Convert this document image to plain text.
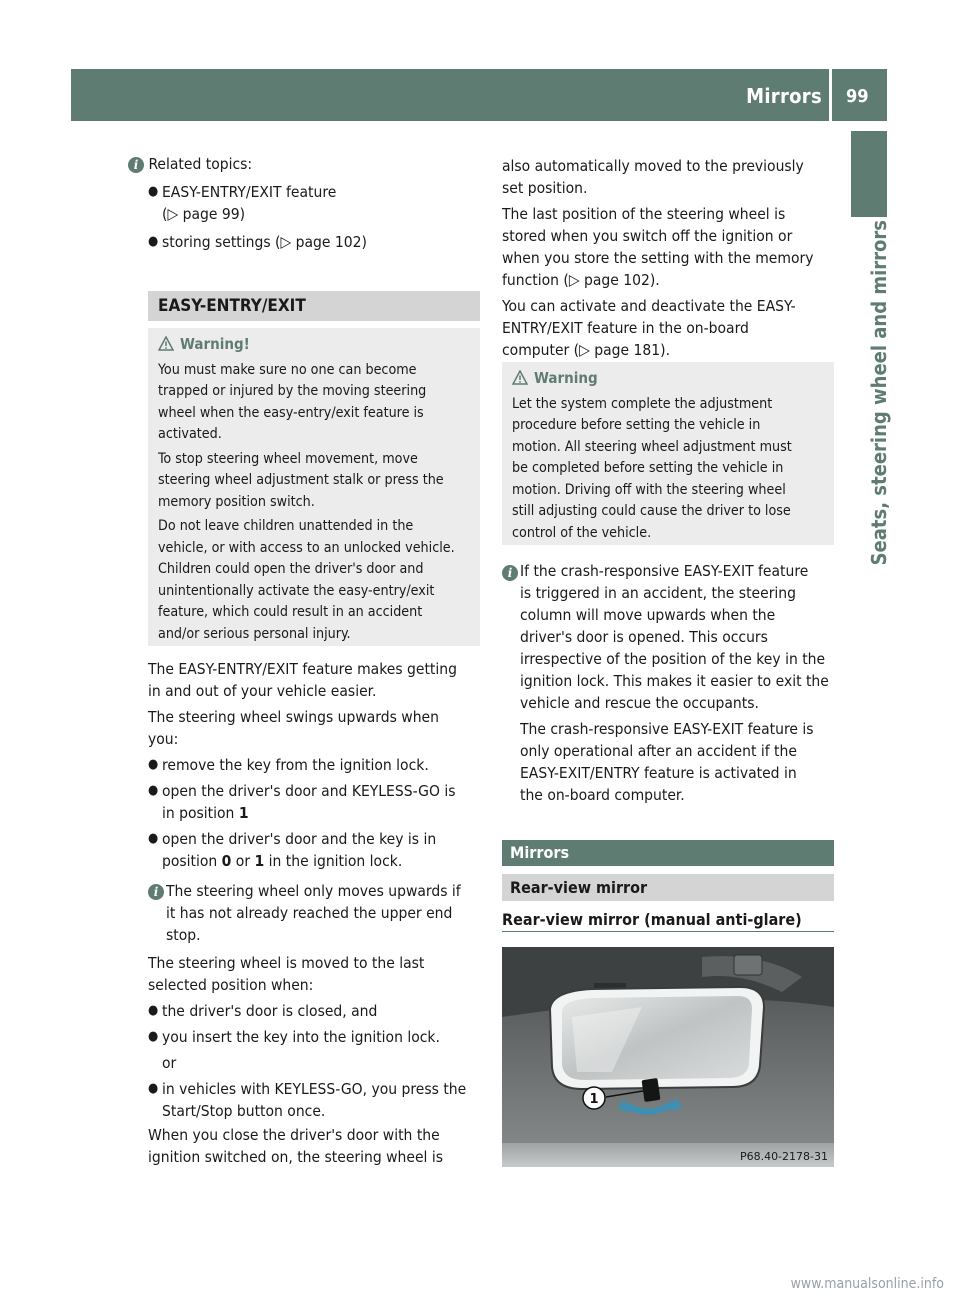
Mirrors 99
Seats, steering wheel and mirrors

i Related topics:

● EASY-ENTRY/EXIT feature
(▷ page 99)

● storing settings (▷ page 102)

EASY-ENTRY/EXIT
Warning!

You must make sure no one can become
trapped or injured by the moving steering
wheel when the easy-entry/exit feature is
activated.

To stop steering wheel movement, move
steering wheel adjustment stalk or press the
memory position switch.

Do not leave children unattended in the
vehicle, or with access to an unlocked vehicle.
Children could open the driver's door and
unintentionally activate the easy-entry/exit
feature, which could result in an accident
and/or serious personal injury.

The EASY-ENTRY/EXIT feature makes getting
in and out of your vehicle easier.

The steering wheel swings upwards when
you:

● remove the key from the ignition lock.

● open the driver's door and KEYLESS-GO is
in position 1

● open the driver's door and the key is in
position 0 or 1 in the ignition lock.

i The steering wheel only moves upwards if
it has not already reached the upper end
stop.

The steering wheel is moved to the last
selected position when:

● the driver's door is closed, and

● you insert the key into the ignition lock.

or

● in vehicles with KEYLESS-GO, you press the
Start/Stop button once.

When you close the driver's door with the
ignition switched on, the steering wheel is

also automatically moved to the previously
set position.

The last position of the steering wheel is
stored when you switch off the ignition or
when you store the setting with the memory
function (▷ page 102).

You can activate and deactivate the EASY-
ENTRY/EXIT feature in the on-board
computer (▷ page 181).

Warning

Let the system complete the adjustment
procedure before setting the vehicle in
motion. All steering wheel adjustment must
be completed before setting the vehicle in
motion. Driving off with the steering wheel
still adjusting could cause the driver to lose
control of the vehicle.

i If the crash-responsive EASY-EXIT feature
is triggered in an accident, the steering
column will move upwards when the
driver's door is opened. This occurs
irrespective of the position of the key in the
ignition lock. This makes it easier to exit the
vehicle and rescue the occupants.

The crash-responsive EASY-EXIT feature is
only operational after an accident if the
EASY-EXIT/ENTRY feature is activated in
the on-board computer.

Mirrors
Rear-view mirror
Rear-view mirror (manual anti-glare)
1
P68.40-2178-31
www.manualsonline.info
